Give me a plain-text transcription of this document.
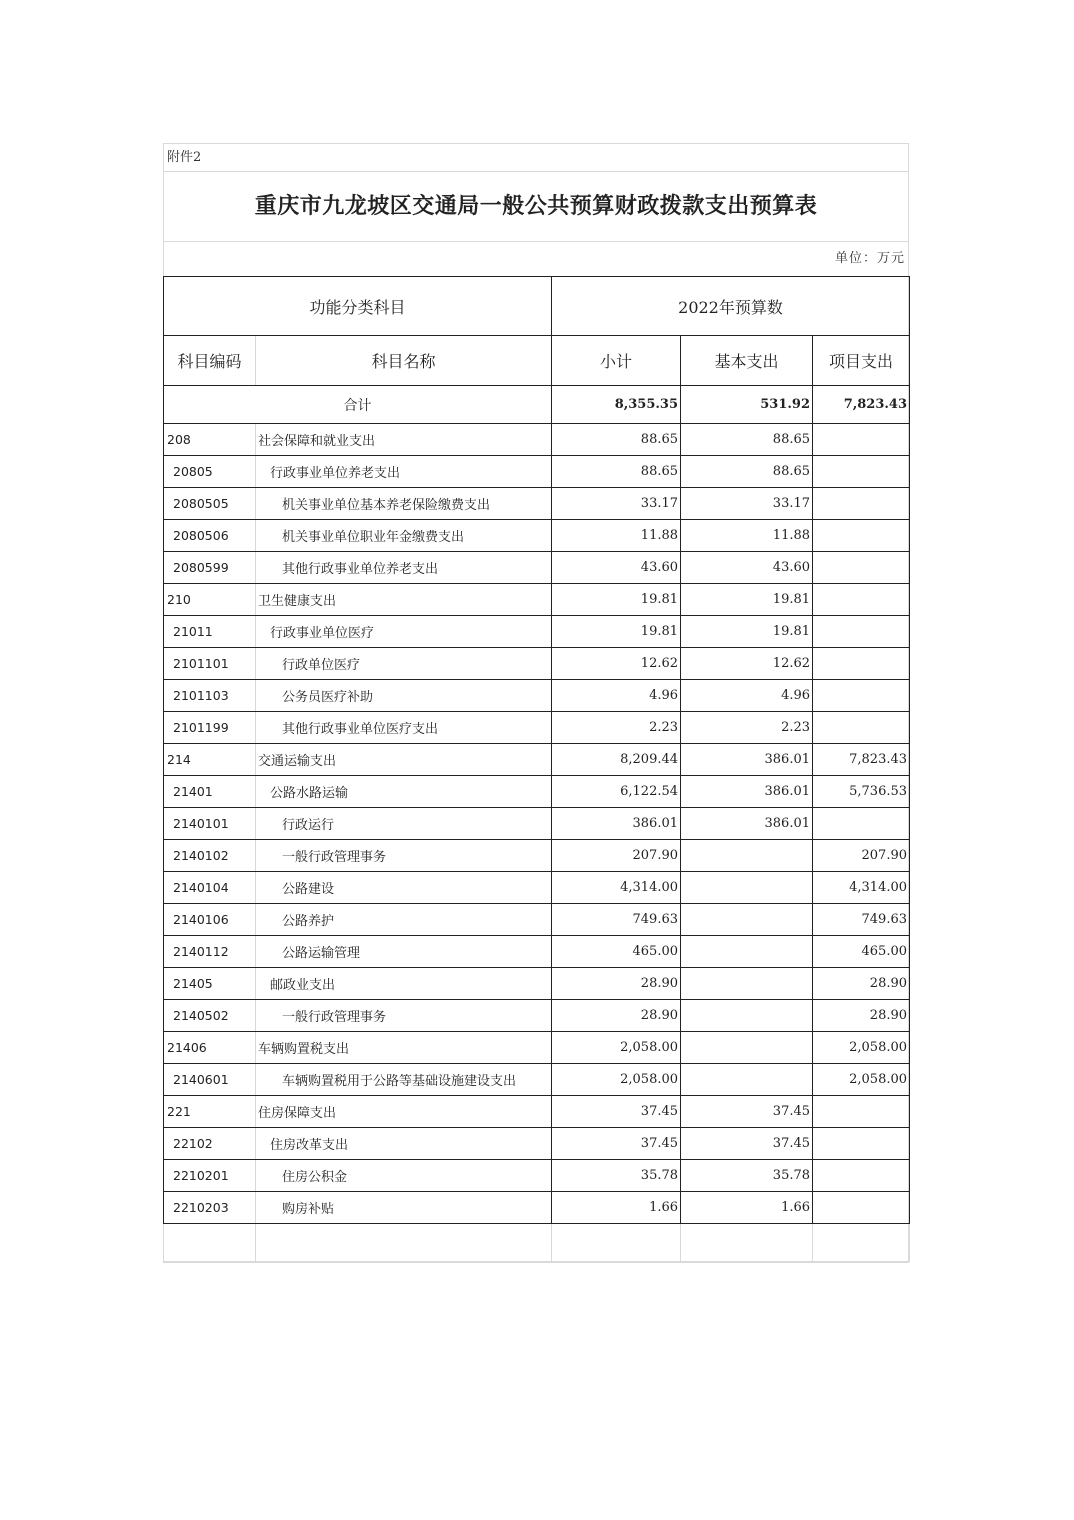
附件2
重庆市九龙坡区交通局一般公共预算财政拨款支出预算表
单位：万元
功能分类科目		2022年预算数		
科目编码	科目名称	小计	基本支出	项目支出
合计		8,355.35	531.92	7,823.43
208	社会保障和就业支出	88.65	88.65	
20805	行政事业单位养老支出	88.65	88.65	
2080505	机关事业单位基本养老保险缴费支出	33.17	33.17	
2080506	机关事业单位职业年金缴费支出	11.88	11.88	
2080599	其他行政事业单位养老支出	43.60	43.60	
210	卫生健康支出	19.81	19.81	
21011	行政事业单位医疗	19.81	19.81	
2101101	行政单位医疗	12.62	12.62	
2101103	公务员医疗补助	4.96	4.96	
2101199	其他行政事业单位医疗支出	2.23	2.23	
214	交通运输支出	8,209.44	386.01	7,823.43
21401	公路水路运输	6,122.54	386.01	5,736.53
2140101	行政运行	386.01	386.01	
2140102	一般行政管理事务	207.90		207.90
2140104	公路建设	4,314.00		4,314.00
2140106	公路养护	749.63		749.63
2140112	公路运输管理	465.00		465.00
21405	邮政业支出	28.90		28.90
2140502	一般行政管理事务	28.90		28.90
21406	车辆购置税支出	2,058.00		2,058.00
2140601	车辆购置税用于公路等基础设施建设支出	2,058.00		2,058.00
221	住房保障支出	37.45	37.45	
22102	住房改革支出	37.45	37.45	
2210201	住房公积金	35.78	35.78	
2210203	购房补贴	1.66	1.66	
